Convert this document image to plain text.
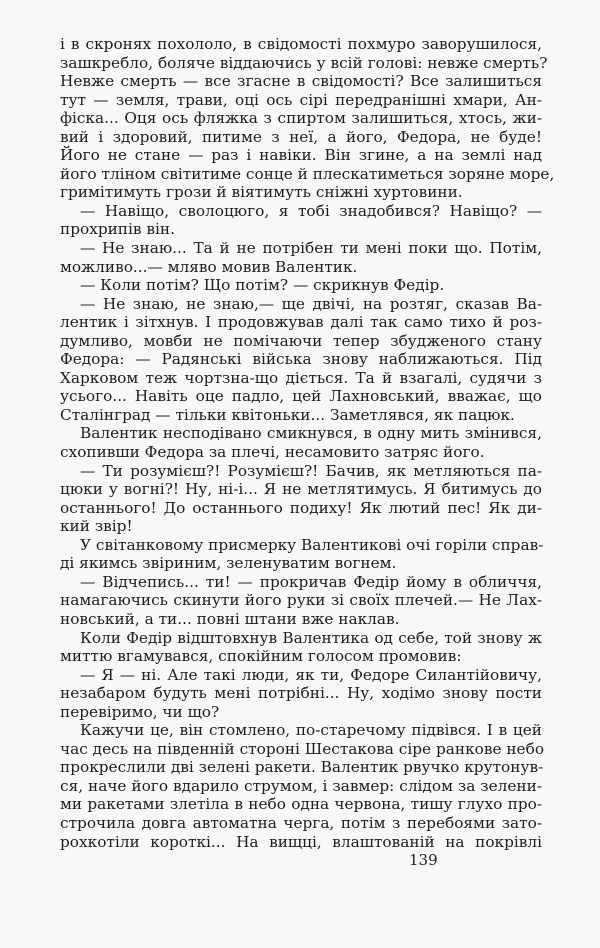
і в скронях похололо, в свідомості похмуро заворушилося,
зашкребло, боляче віддаючись у всій голові: невже смерть?
Невже смерть — все згасне в свідомості? Все залишиться
тут — земля, трави, оці ось сірі передранішні хмари, Ан-
фіска... Оця ось фляжка з спиртом залишиться, хтось, жи-
вий і здоровий, питиме з неї, а його, Федора, не буде!
Його не стане — раз і навіки. Він згине, а на землі над
його тліном світитиме сонце й плескатиметься зоряне море,
гримітимуть грози й віятимуть сніжні хуртовини.
— Навіщо, сволоцюго, я тобі знадобився? Навіщо? —
прохрипів він.
— Не знаю... Та й не потрібен ти мені поки що. Потім,
можливо...— мляво мовив Валентик.
— Коли потім? Що потім? — скрикнув Федір.
— Не знаю, не знаю,— ще двічі, на розтяг, сказав Ва-
лентик і зітхнув. І продовжував далі так само тихо й роз-
думливо, мовби не помічаючи тепер збудженого стану
Федора: — Радянські війська знову наближаються. Під
Харковом теж чортзна-що діється. Та й взагалі, судячи з
усього... Навіть оце падло, цей Лахновський, вважає, що
Сталінград — тільки квітоньки... Заметлявся, як пацюк.
Валентик несподівано смикнувся, в одну мить змінився,
схопивши Федора за плечі, несамовито затряс його.
— Ти розумієш?! Розумієш?! Бачив, як метляються па-
цюки у вогні?! Ну, ні-і... Я не метлятимусь. Я битимусь до
останнього! До останнього подиху! Як лютий пес! Як ди-
кий звір!
У світанковому присмерку Валентикові очі горіли справ-
ді якимсь звіриним, зеленуватим вогнем.
— Відчепись... ти! — прокричав Федір йому в обличчя,
намагаючись скинути його руки зі своїх плечей.— Не Лах-
новський, а ти... повні штани вже наклав.
Коли Федір відштовхнув Валентика од себе, той знову ж
миттю вгамувався, спокійним голосом промовив:
— Я — ні. Але такі люди, як ти, Федоре Силантійовичу,
незабаром будуть мені потрібні... Ну, ходімо знову пости
перевіримо, чи що?
Кажучи це, він стомлено, по-старечому підвівся. І в цей
час десь на південній стороні Шестакова сіре ранкове небо
прокреслили дві зелені ракети. Валентик рвучко крутонув-
ся, наче його вдарило струмом, і завмер: слідом за зелени-
ми ракетами злетіла в небо одна червона, тишу глухо про-
строчила довга автоматна черга, потім з перебоями зато-
рохкотіли короткі... На вищці, влаштованій на покрівлі
139
